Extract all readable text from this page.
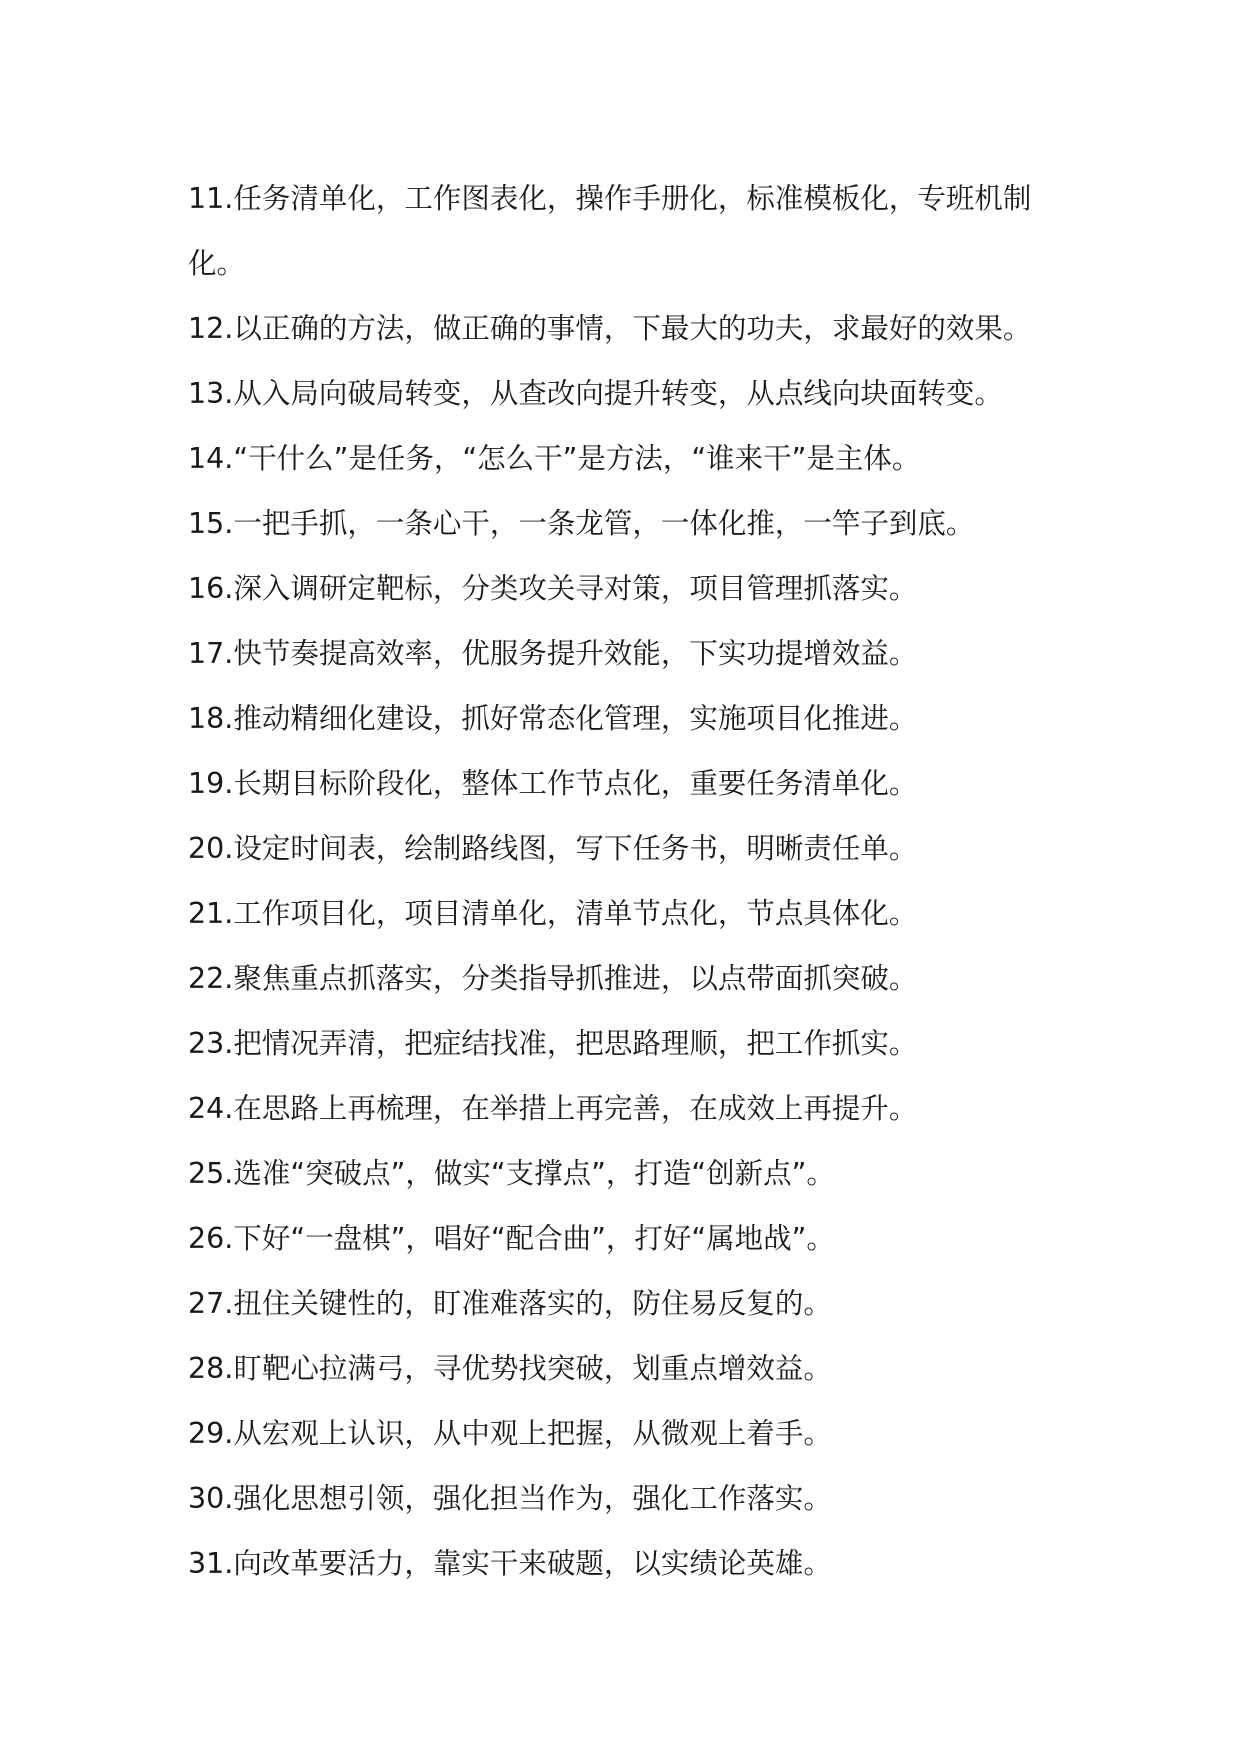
11.任务清单化，工作图表化，操作手册化，标准模板化，专班机制
化。
12.以正确的方法，做正确的事情，下最大的功夫，求最好的效果。
13.从入局向破局转变，从查改向提升转变，从点线向块面转变。
14.“干什么”是任务，“怎么干”是方法，“谁来干”是主体。
15.一把手抓，一条心干，一条龙管，一体化推，一竿子到底。
16.深入调研定靶标，分类攻关寻对策，项目管理抓落实。
17.快节奏提高效率，优服务提升效能，下实功提增效益。
18.推动精细化建设，抓好常态化管理，实施项目化推进。
19.长期目标阶段化，整体工作节点化，重要任务清单化。
20.设定时间表，绘制路线图，写下任务书，明晰责任单。
21.工作项目化，项目清单化，清单节点化，节点具体化。
22.聚焦重点抓落实，分类指导抓推进，以点带面抓突破。
23.把情况弄清，把症结找准，把思路理顺，把工作抓实。
24.在思路上再梳理，在举措上再完善，在成效上再提升。
25.选准“突破点”，做实“支撑点”，打造“创新点”。
26.下好“一盘棋”，唱好“配合曲”，打好“属地战”。
27.扭住关键性的，盯准难落实的，防住易反复的。
28.盯靶心拉满弓，寻优势找突破，划重点增效益。
29.从宏观上认识，从中观上把握，从微观上着手。
30.强化思想引领，强化担当作为，强化工作落实。
31.向改革要活力，靠实干来破题，以实绩论英雄。
